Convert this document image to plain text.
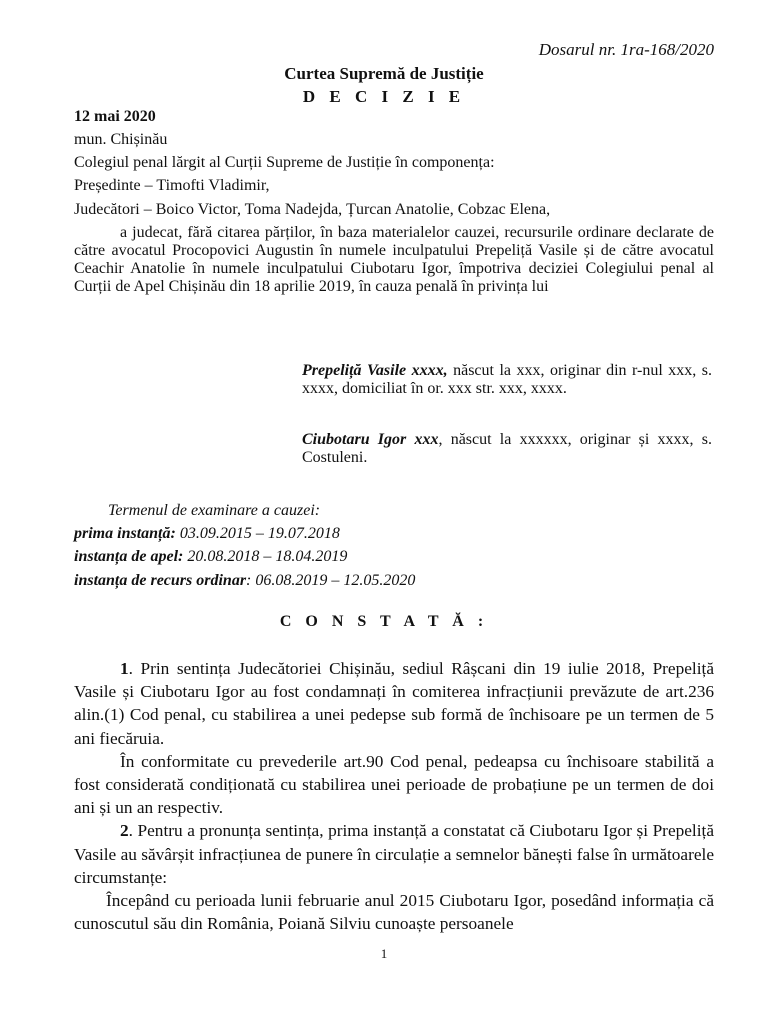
Dosarul nr. 1ra-168/2020
Curtea Supremă de Justiție
D E C I Z I E
12 mai 2020
mun. Chișinău
Colegiul penal lărgit al Curții Supreme de Justiție în componența:
Președinte – Timofti Vladimir,
Judecători – Boico Victor, Toma Nadejda, Țurcan Anatolie, Cobzac Elena,

a judecat, fără citarea părților, în baza materialelor cauzei, recursurile ordinare declarate de către avocatul Procopovici Augustin în numele inculpatului Prepeliță Vasile și de către avocatul Ceachir Anatolie în numele inculpatului Ciubotaru Igor, împotriva deciziei Colegiului penal al Curții de Apel Chișinău din 18 aprilie 2019, în cauza penală în privința lui

Prepeliță Vasile xxxx, născut la xxx, originar din r-nul xxx, s. xxxx, domiciliat în or. xxx str. xxx, xxxx.
Ciubotaru Igor xxx, născut la xxxxxx, originar și xxxx, s. Costuleni.
Termenul de examinare a cauzei:
prima instanță: 03.09.2015 – 19.07.2018
instanța de apel: 20.08.2018 – 18.04.2019
instanța de recurs ordinar: 06.08.2019 – 12.05.2020
C O N S T A T Ă :

1. Prin sentința Judecătoriei Chișinău, sediul Râșcani din 19 iulie 2018, Prepeliță Vasile și Ciubotaru Igor au fost condamnați în comiterea infracțiunii prevăzute de art.236 alin.(1) Cod penal, cu stabilirea a unei pedepse sub formă de închisoare pe un termen de 5 ani fiecăruia.

În conformitate cu prevederile art.90 Cod penal, pedeapsa cu închisoare stabilită a fost considerată condiționată cu stabilirea unei perioade de probațiune pe un termen de doi ani și un an respectiv.

2. Pentru a pronunța sentința, prima instanță a constatat că Ciubotaru Igor și Prepeliță Vasile au săvârșit infracțiunea de punere în circulație a semnelor bănești false în următoarele circumstanțe:

Începând cu perioada lunii februarie anul 2015 Ciubotaru Igor, posedând informația că cunoscutul său din România, Poiană Silviu cunoaște persoanele

1
